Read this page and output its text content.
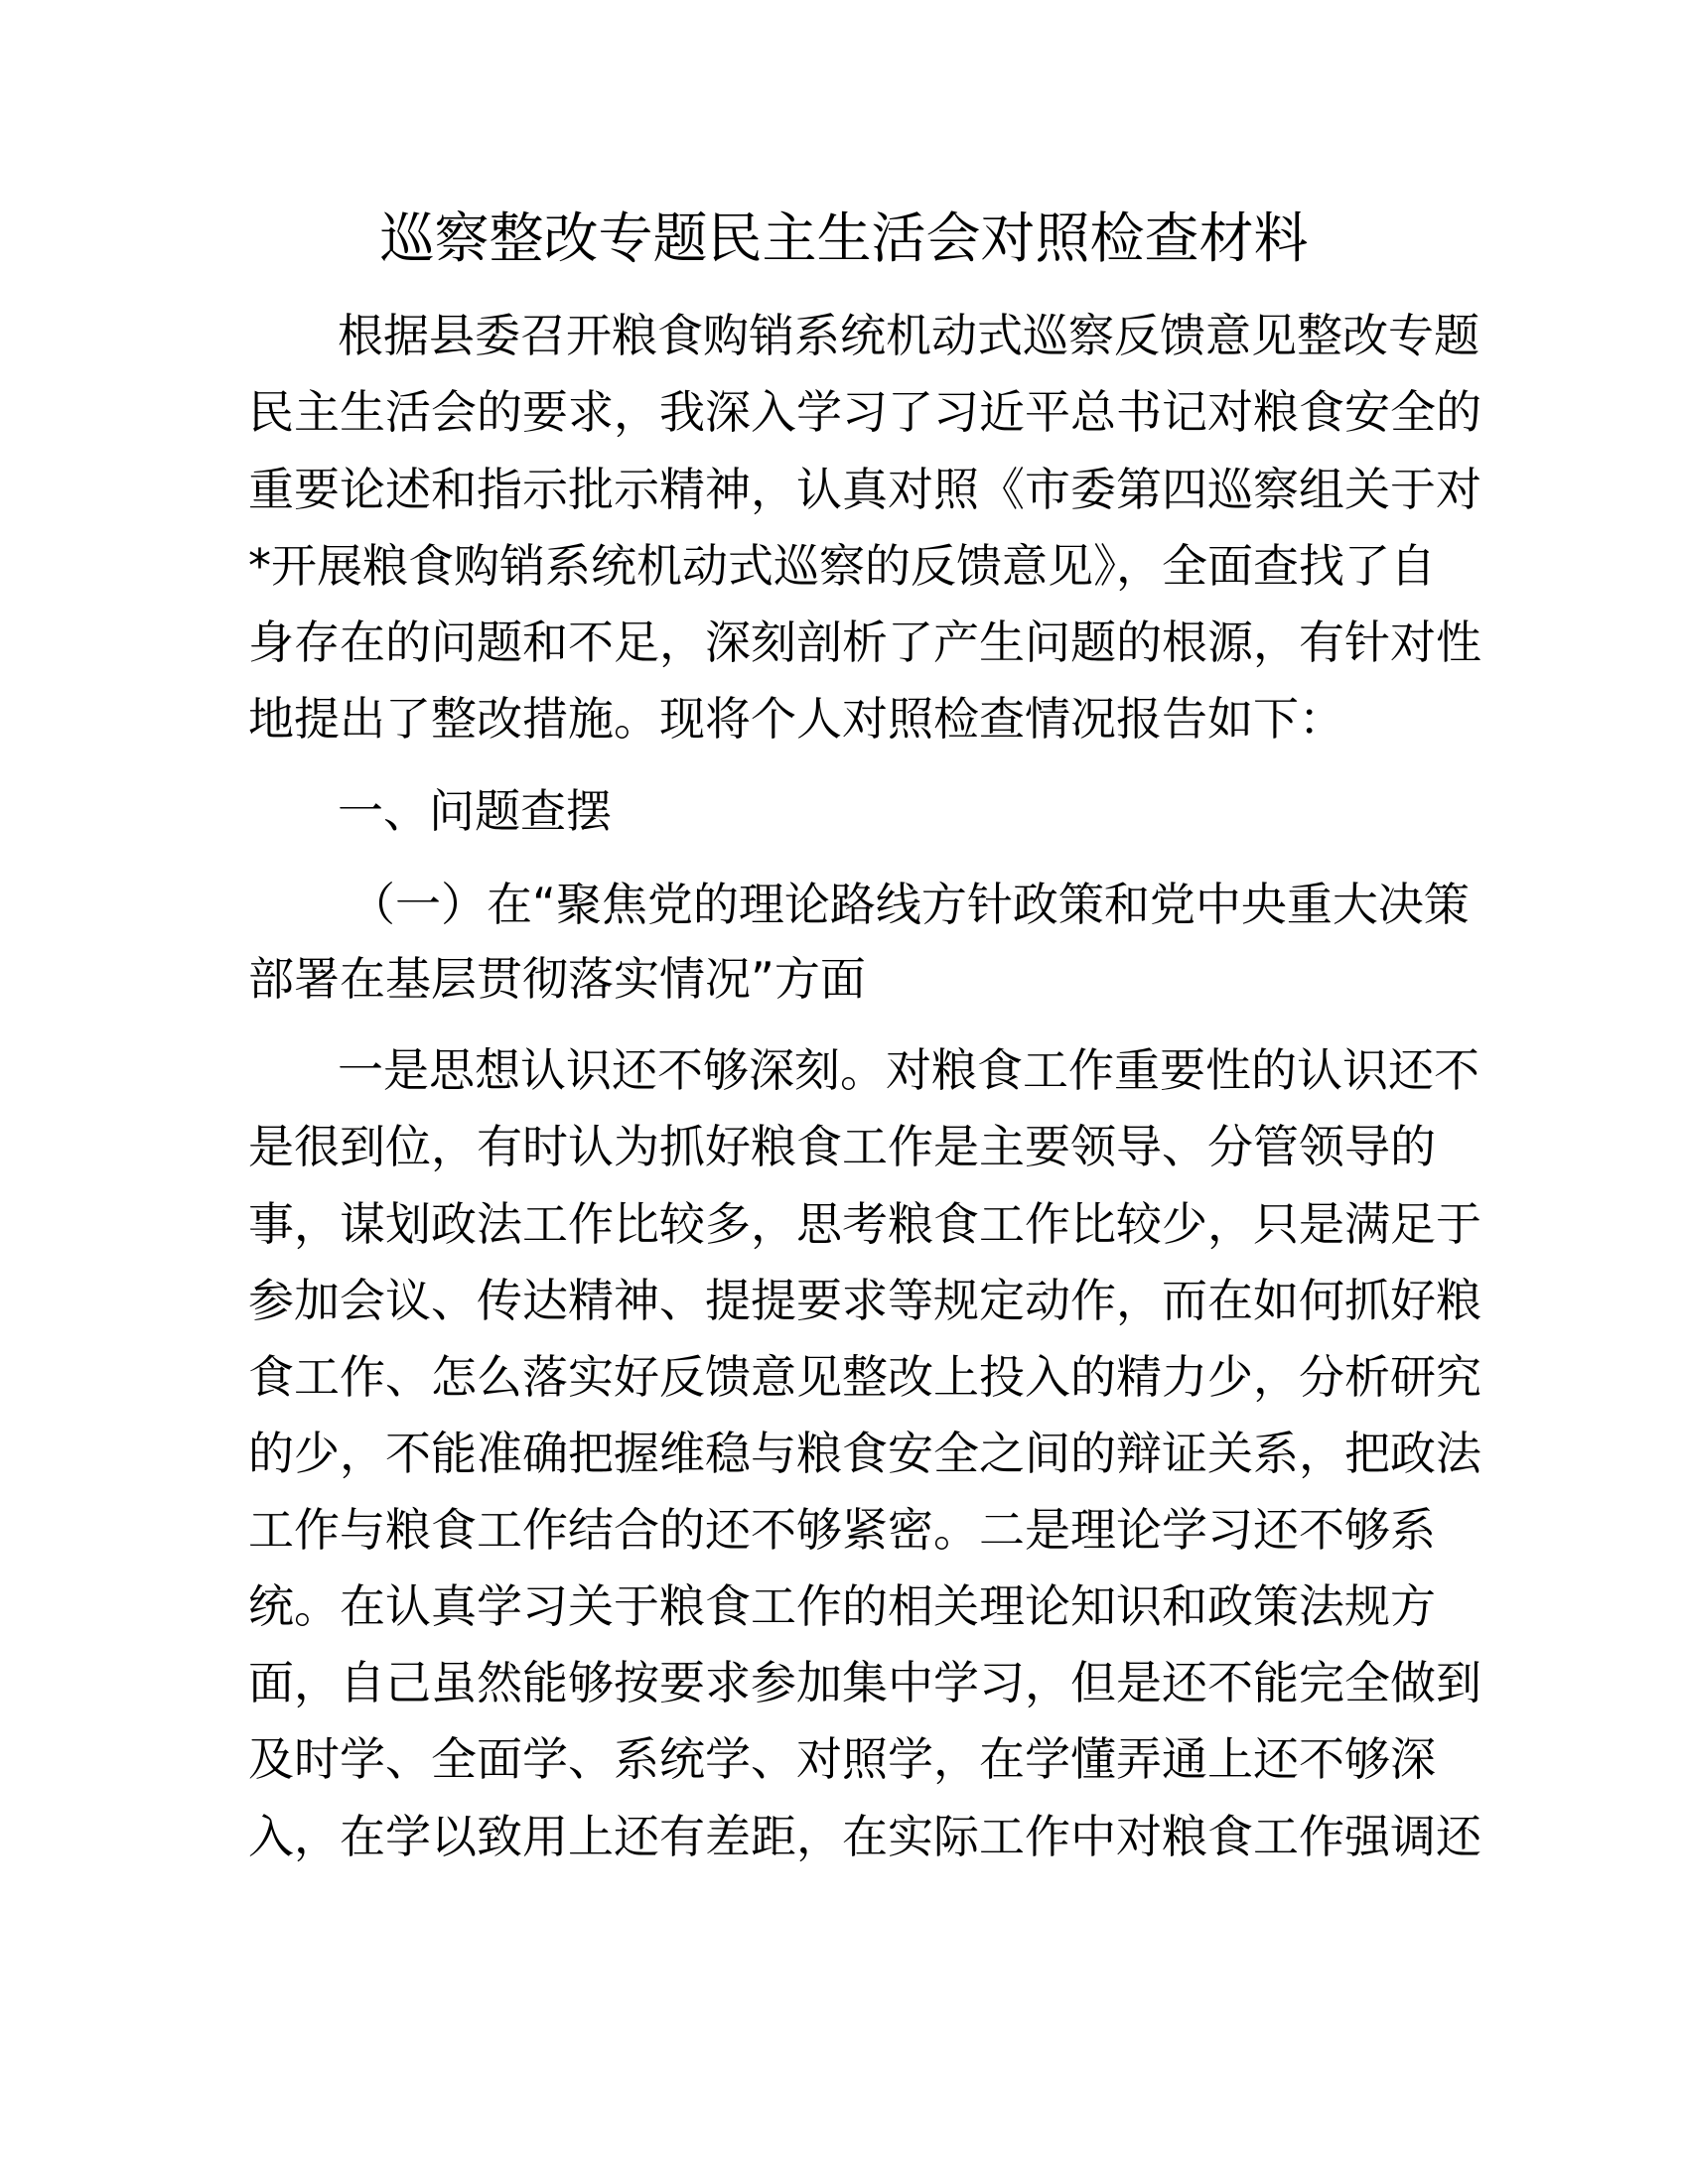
巡察整改专题民主生活会对照检查材料
根据县委召开粮食购销系统机动式巡察反馈意见整改专题
民主生活会的要求，我深入学习了习近平总书记对粮食安全的
重要论述和指示批示精神，认真对照《市委第四巡察组关于对
*开展粮食购销系统机动式巡察的反馈意见》，全面查找了自
身存在的问题和不足，深刻剖析了产生问题的根源，有针对性
地提出了整改措施。现将个人对照检查情况报告如下：
一、问题查摆
（一）在“聚焦党的理论路线方针政策和党中央重大决策
部署在基层贯彻落实情况”方面
一是思想认识还不够深刻。对粮食工作重要性的认识还不
是很到位，有时认为抓好粮食工作是主要领导、分管领导的
事，谋划政法工作比较多，思考粮食工作比较少，只是满足于
参加会议、传达精神、提提要求等规定动作，而在如何抓好粮
食工作、怎么落实好反馈意见整改上投入的精力少，分析研究
的少，不能准确把握维稳与粮食安全之间的辩证关系，把政法
工作与粮食工作结合的还不够紧密。二是理论学习还不够系
统。在认真学习关于粮食工作的相关理论知识和政策法规方
面，自己虽然能够按要求参加集中学习，但是还不能完全做到
及时学、全面学、系统学、对照学，在学懂弄通上还不够深
入，在学以致用上还有差距，在实际工作中对粮食工作强调还
